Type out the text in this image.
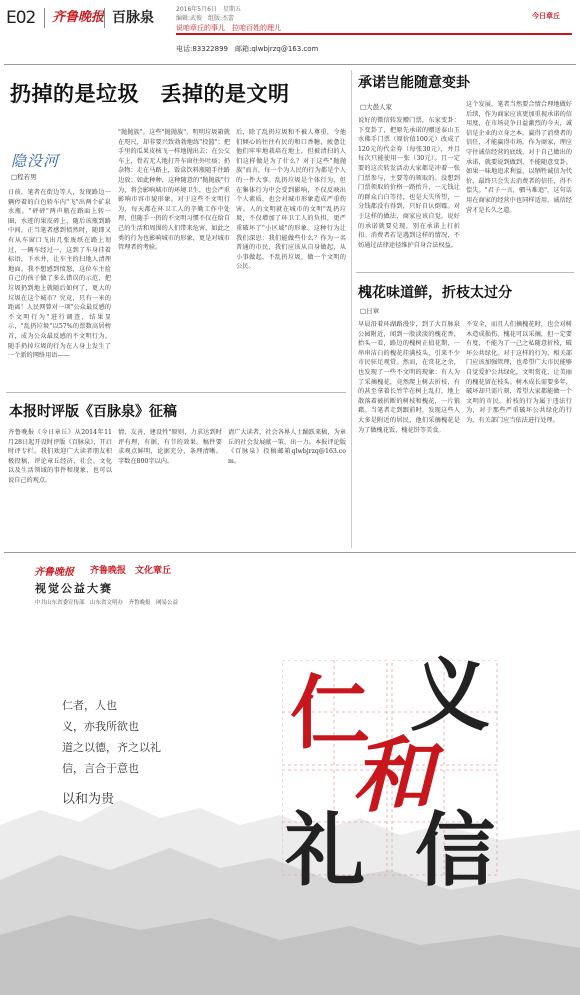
E02 齐鲁晚报 百脉泉
2016年5月6日　星期五
编辑:武俊　组版:杰蕾
说咱章丘的事儿　拉咱百姓的理儿
电话:83322899　邮箱:qlwbjrzq@163.com
今日章丘
扔掉的是垃圾　丢掉的是文明
隐没河
□程若男
日前，笔者在街边等人，发现路边一辆停着的白色轿车内"飞"出两个矿泉水瓶。"砰砰"两声瓶在路面上转一圈，水迹的果皮碎上，随后该瓶到路中间，正当笔者感到愤然时，随即又有从车窗口飞出几张废纸在路上划过，一辆车经过一，这到了车身挂着标语，下水井，让车主的扫地人清理地面。我不想感到愤怒，这位车主捡自己的孩子做了多么错误的示范，把垃圾扔到地上就随后如何了，更大的垃圾在这个城市？究竟，只有一米的距离！人民网曾对一项"公众最反感的不文明行为"进行调查，结果显示，"乱扔垃圾"以57%的票数高居榜首，成为公众最反感的不文明行为。随手扔掉垃圾的行为在人身上发生了一个新的网络用语——
"抛抛族"。这些"抛抛族"，明明垃圾箱就在咫尺，却非要兴致勃勃地练"投篮"；把手里的瓜果皮核飞一样地抛出去；在公交车上，骨若无人地打开车窗往外吐痰；扔杂物；走在马路上，饭盒饮料瓶随手往路边放；如此种种，这种随意的"抛抛族"行为，将会影响城市的环境卫生，也会严重影响市容市貌形象。对于这些不文明行为，每天都在环卫工人的辛勤工作中处理，但随手一扔的不文明习惯不仅在给自己的生活和周围的人们带来危害，如此之类的行为也影响城市的形象，更是对城市管理者的考验。
后，除了乱扔垃圾和不被人尊重，令他们倾心的往往有民的和口香糖，疲惫让他们牢牢地栽培在地上，但被清扫的人们这样做是为了什么？对于这些"抛抛族"而言，每一个为人民的行为都是个人的一件大事。乱扔垃圾是个体行为，但在集体行为中会受到影响，不仅反映出个人素质，也会对城市形象造成严重伤害。人的文明就在城市的文明"乱扔垃圾，不仅增加了环卫工人的负担，更严重破坏了"小区域"的形象。这种行为让我们深思：我们能做些什么？作为一名普通的市民，我们应该从自身做起，从小事做起，不乱扔垃圾，做一个文明的公民。
承诺岂能随意变卦
□大愚人家
说好的微信转发赠门票，东家变卦：下变卦了，把原先承诺的赠送泰山玉水佛手门票（原价值100元）改成了120元的代金券（每张30元），并且每次只能使用一张（30元）。且一定要的这次转发活动大家都是冲着一张门票参与，主要等的领取的。没想到门票领取的价格一路抬升，一元钱让的群众白白等待，也是大失所望，一分钱都没有得到，只好自认倒霉。对于这样的做法，商家应该自觉，说好的承诺就要兑现，别在承诺上打折扣。消费者若是遇到这样的情况，不妨通过法律途径维护自身合法权益。
这个发展，笔者当然要合情合理地做好后续，作为商家应该更加重视承诺的信用度，在市场竞争日益激烈的今天，诚信是企业的立身之本。赢得了消费者的信任，才能赢得市场。作为商家，理应守住诚信经营的底线，对于自己做出的承诺，就要说到做到，不能随意变卦。如果一味地追求利益，以牺牲诚信为代价，最终只会失去消费者的信任，得不偿失。"君子一言，驷马难追"，这句话用在商家的经营中也同样适用，诚信经营才是长久之道。
槐花味道鲜，折枝太过分
□日章
早晨沿着环湖路漫步，到了大百脉泉公园附近，闻到一股淡淡的槐花香，抬头一看，路边的槐树正值花期，一串串洁白的槐花挂满枝头，引来不少市民驻足观赏。然而，在赏花之余，也发现了一些不文明的现象：有人为了采摘槐花，竟然爬上树去折枝，有的甚至拿着长竹竿在树上乱打，地上散落着被折断的树枝和槐花，一片狼藉。当笔者走到跟前时，发现这些人大多是附近的居民，他们采摘槐花是为了做槐花饭、槐花饼等美食。
不安全，而且人们摘槐花时，也会对树木造成损伤。槐花可以采摘，但一定要有度，不能为了一己之私随意折枝，破坏公共绿化。对于这样的行为，相关部门应该加强管理，也希望广大市民能够自觉爱护公共绿化，文明赏花，让美丽的槐花留在枝头。树木成长需要多年，破坏却只需片刻，希望大家都能做一个文明的市民。折枝的行为属于违法行为，对于那些严重破坏公共绿化的行为，有关部门应当依法进行处理。
本报时评版《百脉泉》征稿
齐鲁晚报《今日章丘》从2014年11月28日起开设时评版《百脉泉》，开启时评专栏。我们欢迎广大读者朋友积极投稿，评论章丘经济、社会、文化以及生活领域的事件和现象，也可以说自己的观点。
情、友善、建设性"原则，力求达到时评有理，有据，有节的效果。稿件要求观点鲜明，论据充分，条理清晰。字数在800字以内。
请广大读者、社会各界人士踊跃来稿，为章丘的社会发展献一策、出一力。本报评论版《百脉泉》投稿邮箱qlwbjrzq@163.com。
齐鲁晚报 齐鲁晚报　文化章丘
视觉公益大赛
中共山东省委宣传部　山东省文明办　齐鲁晚报　网易公益
仁者，人也
义，亦我所欲也
道之以德，齐之以礼
信，言合于意也
以和为贵
仁 义
和
礼 信
